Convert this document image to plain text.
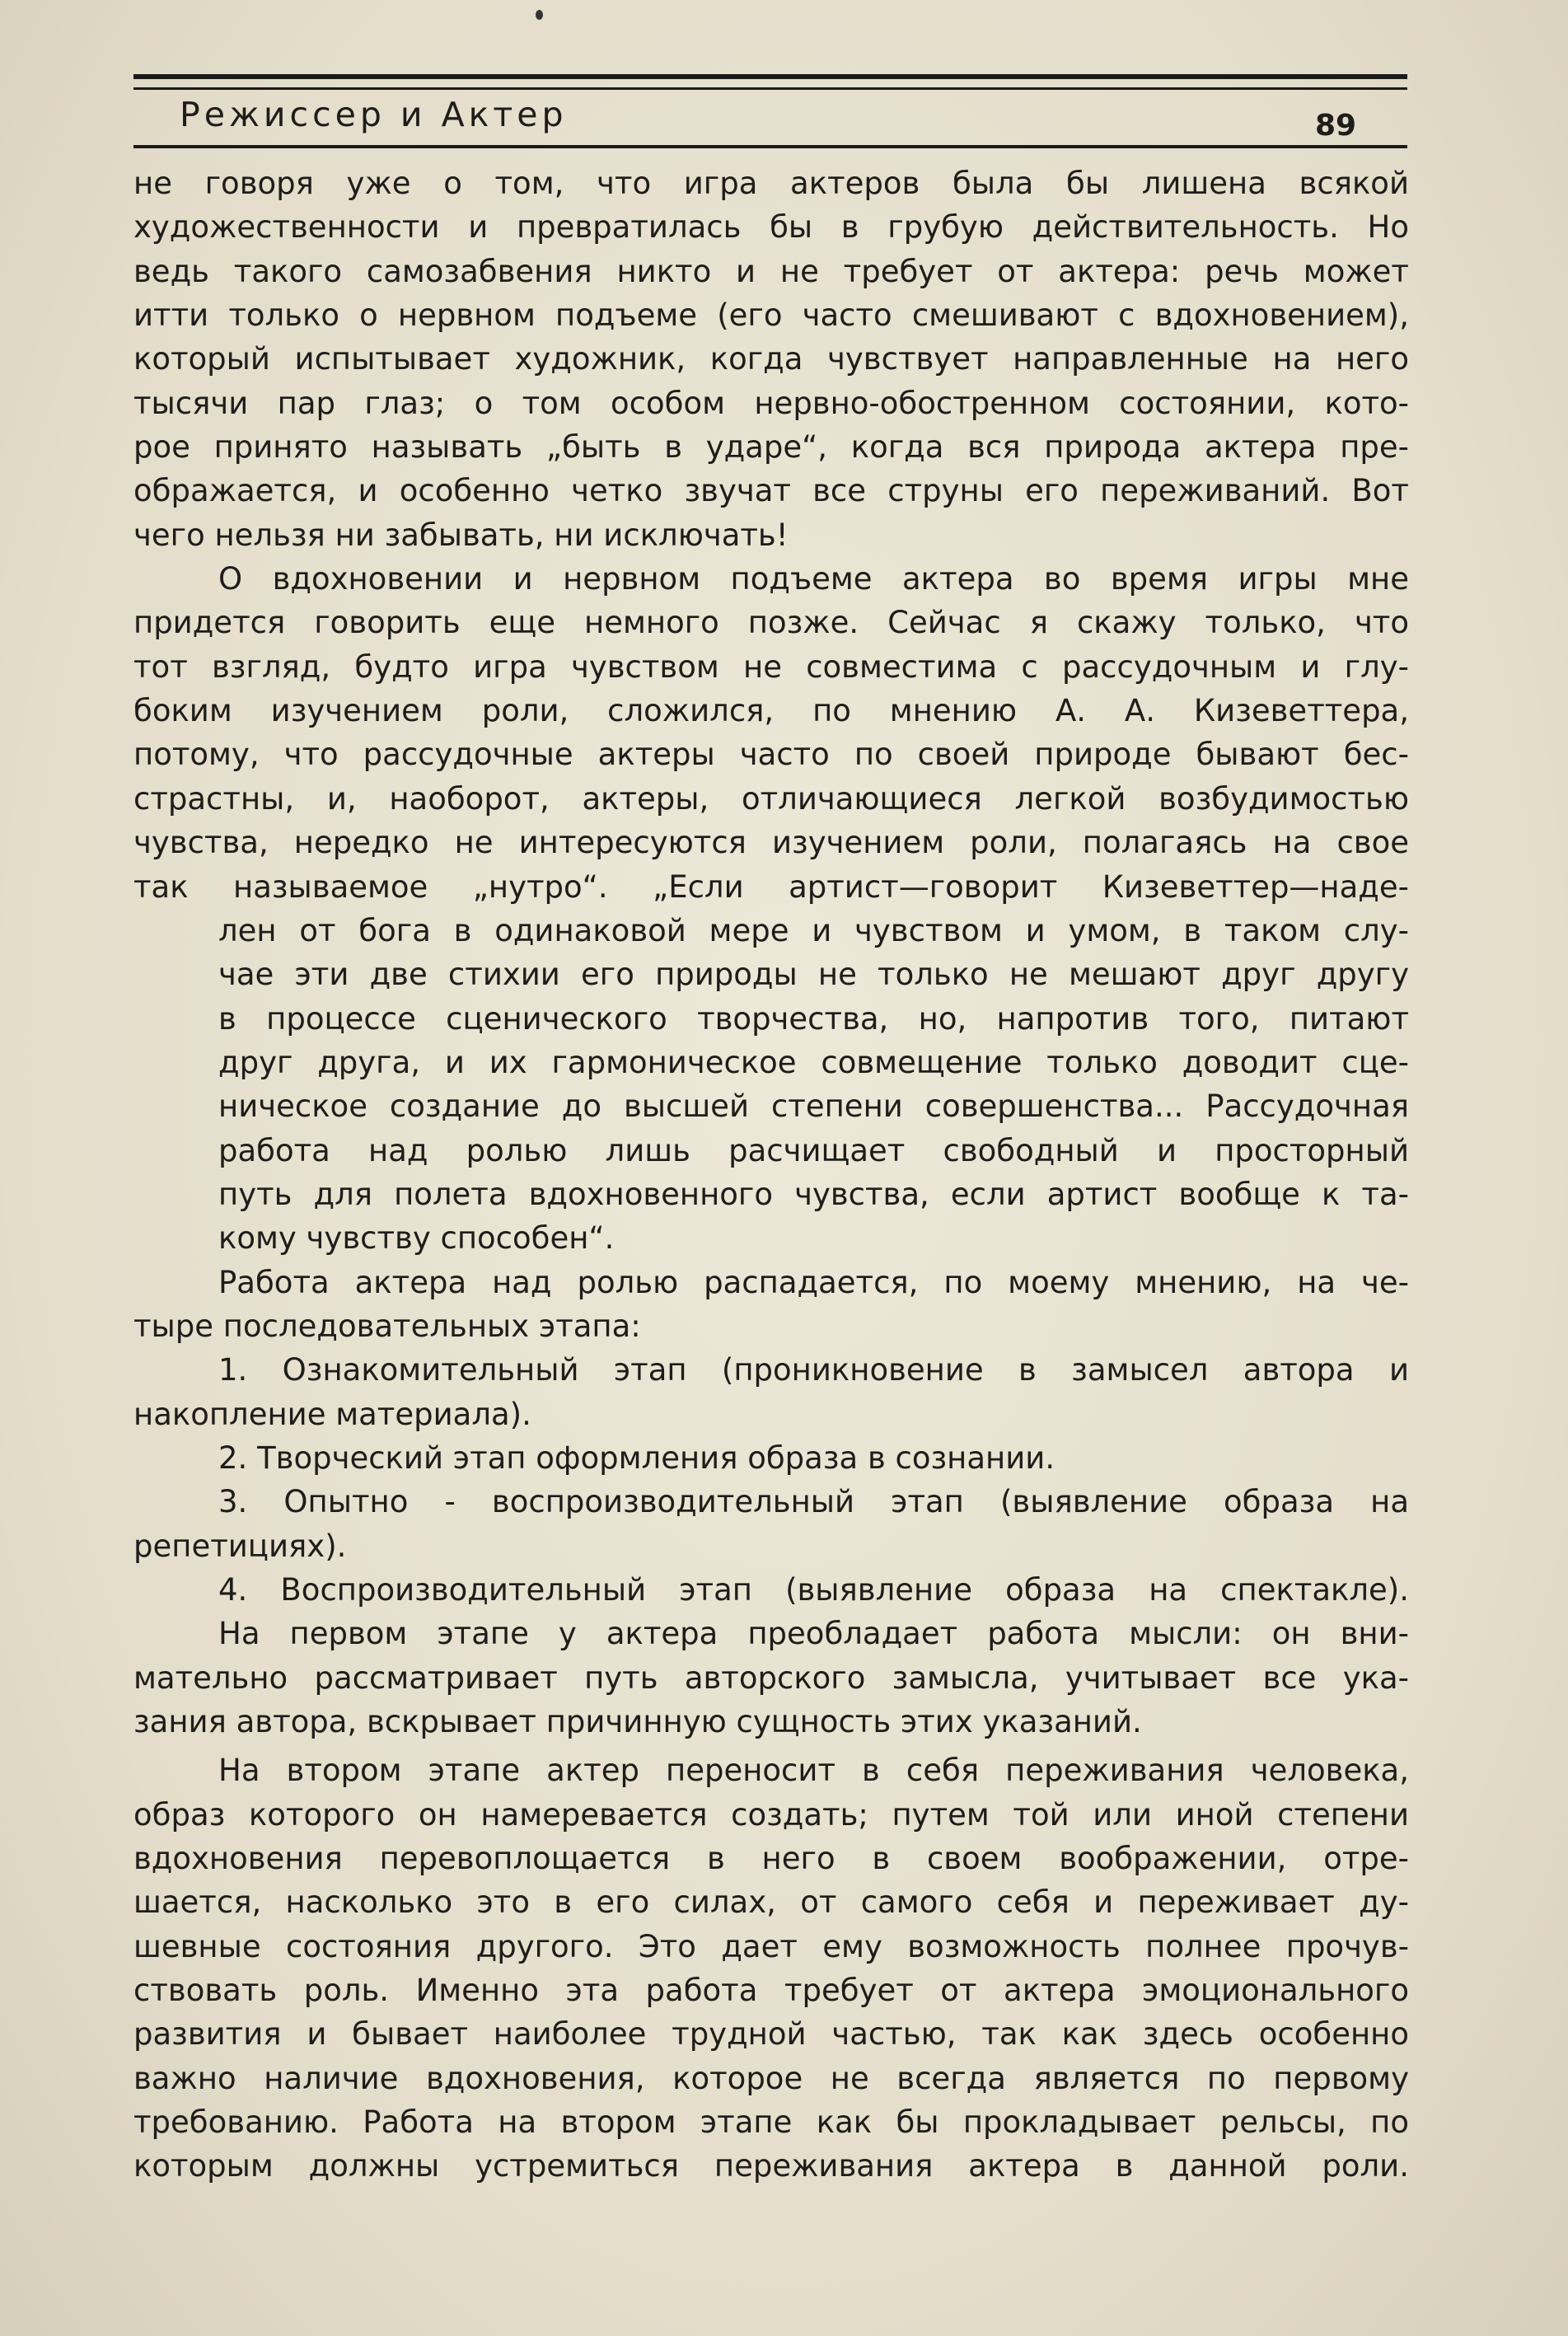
Режиссер и Актер	89
не говоря уже о том, что игра актеров была бы лишена всякой
художественности и превратилась бы в грубую действительность. Но
ведь такого самозабвения никто и не требует от актера: речь может
итти только о нервном подъеме (его часто смешивают с вдохновением),
который испытывает художник, когда чувствует направленные на него
тысячи пар глаз; о том особом нервно-обостренном состоянии, кото-
рое принято называть „быть в ударе“, когда вся природа актера пре-
ображается, и особенно четко звучат все струны его переживаний. Вот
чего нельзя ни забывать, ни исключать!
О вдохновении и нервном подъеме актера во время игры мне
придется говорить еще немного позже. Сейчас я скажу только, что
тот взгляд, будто игра чувством не совместима с рассудочным и глу-
боким изучением роли, сложился, по мнению А. А. Кизеветтера,
потому, что рассудочные актеры часто по своей природе бывают бес-
страстны, и, наоборот, актеры, отличающиеся легкой возбудимостью
чувства, нередко не интересуются изучением роли, полагаясь на свое
так называемое „нутро“. „Если артист—говорит Кизеветтер—наде-
лен от бога в одинаковой мере и чувством и умом, в таком слу-
чае эти две стихии его природы не только не мешают друг другу
в процессе сценического творчества, но, напротив того, питают
друг друга, и их гармоническое совмещение только доводит сце-
ническое создание до высшей степени совершенства... Рассудочная
работа над ролью лишь расчищает свободный и просторный
путь для полета вдохновенного чувства, если артист вообще к та-
кому чувству способен“.
Работа актера над ролью распадается, по моему мнению, на че-
тыре последовательных этапа:
1. Ознакомительный этап (проникновение в замысел автора и
накопление материала).
2. Творческий этап оформления образа в сознании.
3. Опытно - воспроизводительный этап (выявление образа на
репетициях).
4. Воспроизводительный этап (выявление образа на спектакле).
На первом этапе у актера преобладает работа мысли: он вни-
мательно рассматривает путь авторского замысла, учитывает все ука-
зания автора, вскрывает причинную сущность этих указаний.
На втором этапе актер переносит в себя переживания человека,
образ которого он намеревается создать; путем той или иной степени
вдохновения перевоплощается в него в своем воображении, отре-
шается, насколько это в его силах, от самого себя и переживает ду-
шевные состояния другого. Это дает ему возможность полнее прочув-
ствовать роль. Именно эта работа требует от актера эмоционального
развития и бывает наиболее трудной частью, так как здесь особенно
важно наличие вдохновения, которое не всегда является по первому
требованию. Работа на втором этапе как бы прокладывает рельсы, по
которым должны устремиться переживания актера в данной роли.
